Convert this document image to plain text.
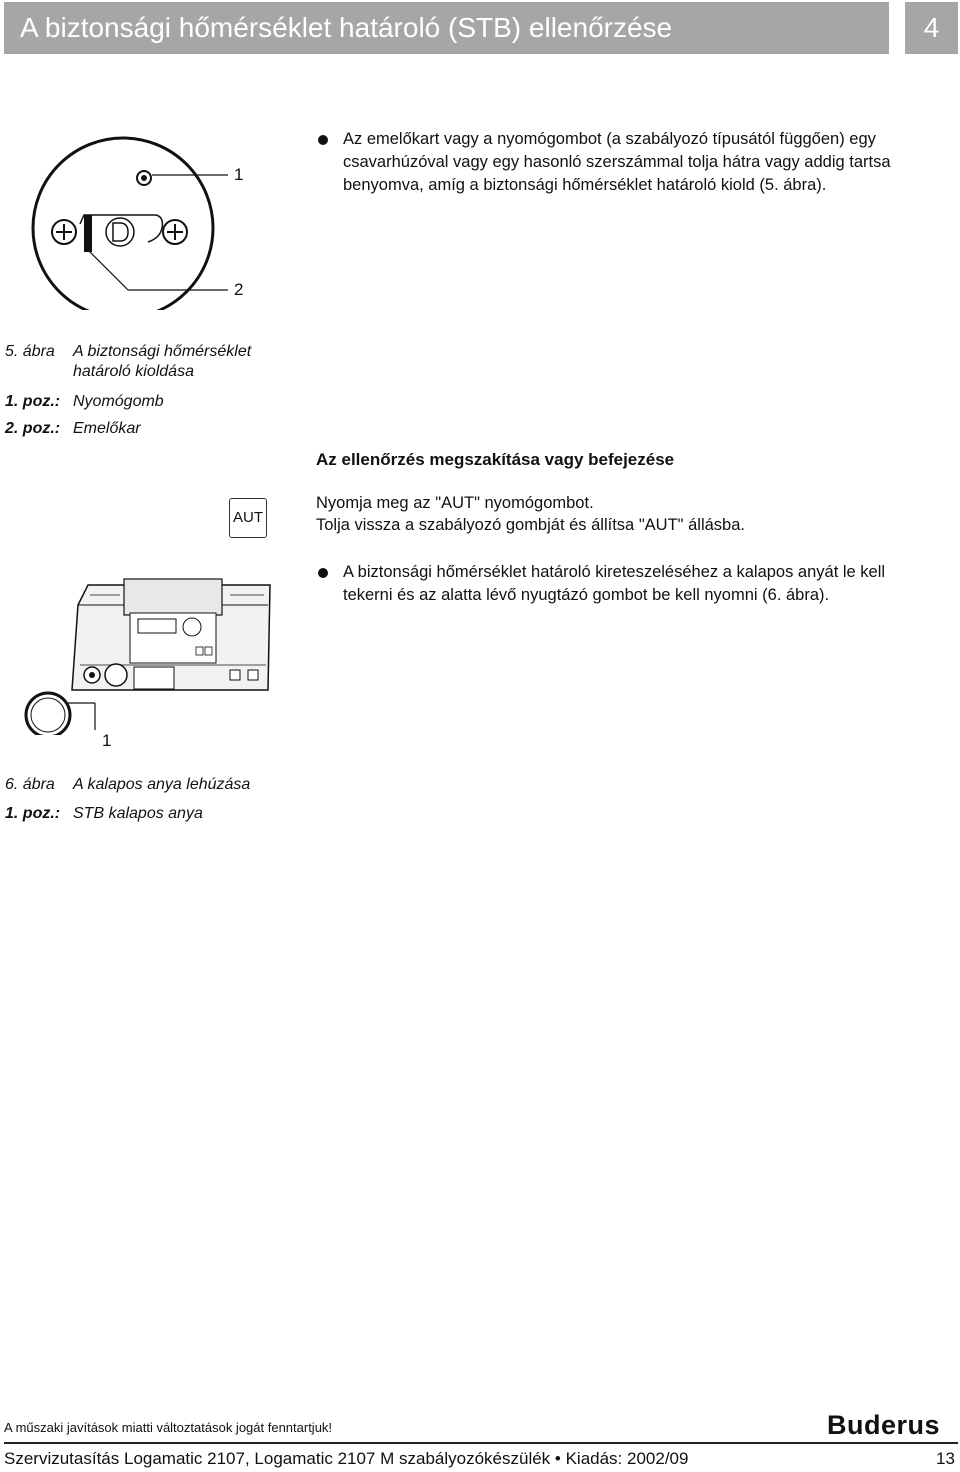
A biztonsági hőmérséklet határoló (STB) ellenőrzése	4
1
2
5. ábra A biztonsági hőmérséklet
határoló kioldása
1. poz.: Nyomógomb
2. poz.: Emelőkar
Az emelőkart vagy a nyomógombot (a szabályozó típusától függően) egy
csavarhúzóval vagy egy hasonló szerszámmal tolja hátra vagy addig tartsa
benyomva, amíg a biztonsági hőmérséklet határoló kiold (5. ábra).
Az ellenőrzés megszakítása vagy befejezése
AUT
Nyomja meg az "AUT" nyomógombot.
Tolja vissza a szabályozó gombját és állítsa "AUT" állásba.
A biztonsági hőmérséklet határoló kireteszeléséhez a kalapos anyát le kell
tekerni és az alatta lévő nyugtázó gombot be kell nyomni (6. ábra).
1
6. ábra A kalapos anya lehúzása
1. poz.: STB kalapos anya
A műszaki javítások miatti változtatások jogát fenntartjuk!	Buderus
Szervizutasítás Logamatic 2107, Logamatic 2107 M szabályozókészülék • Kiadás: 2002/09	13
